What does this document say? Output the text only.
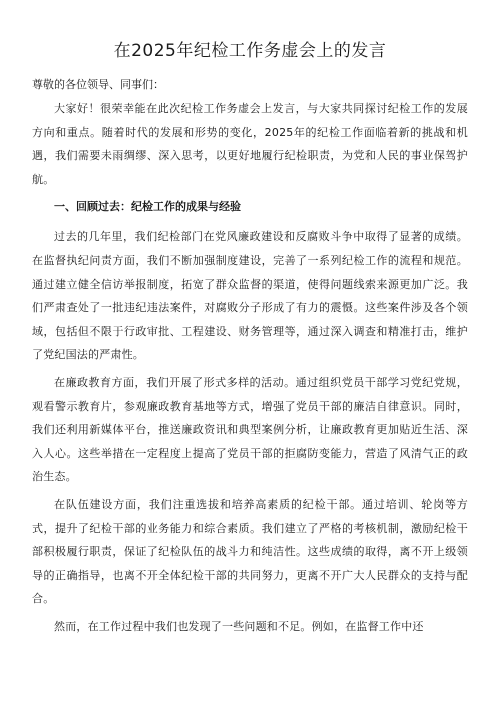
在2025年纪检工作务虚会上的发言
尊敬的各位领导、同事们：

大家好！很荣幸能在此次纪检工作务虚会上发言，与大家共同探讨纪检工作的发展方向和重点。随着时代的发展和形势的变化，2025年的纪检工作面临着新的挑战和机遇，我们需要未雨绸缪、深入思考，以更好地履行纪检职责，为党和人民的事业保驾护航。

一、回顾过去：纪检工作的成果与经验

过去的几年里，我们纪检部门在党风廉政建设和反腐败斗争中取得了显著的成绩。在监督执纪问责方面，我们不断加强制度建设，完善了一系列纪检工作的流程和规范。通过建立健全信访举报制度，拓宽了群众监督的渠道，使得问题线索来源更加广泛。我们严肃查处了一批违纪违法案件，对腐败分子形成了有力的震慑。这些案件涉及各个领域，包括但不限于行政审批、工程建设、财务管理等，通过深入调查和精准打击，维护了党纪国法的严肃性。

在廉政教育方面，我们开展了形式多样的活动。通过组织党员干部学习党纪党规，观看警示教育片，参观廉政教育基地等方式，增强了党员干部的廉洁自律意识。同时，我们还利用新媒体平台，推送廉政资讯和典型案例分析，让廉政教育更加贴近生活、深入人心。这些举措在一定程度上提高了党员干部的拒腐防变能力，营造了风清气正的政治生态。

在队伍建设方面，我们注重选拔和培养高素质的纪检干部。通过培训、轮岗等方式，提升了纪检干部的业务能力和综合素质。我们建立了严格的考核机制，激励纪检干部积极履行职责，保证了纪检队伍的战斗力和纯洁性。这些成绩的取得，离不开上级领导的正确指导，也离不开全体纪检干部的共同努力，更离不开广大人民群众的支持与配合。

然而，在工作过程中我们也发现了一些问题和不足。例如，在监督工作中还
